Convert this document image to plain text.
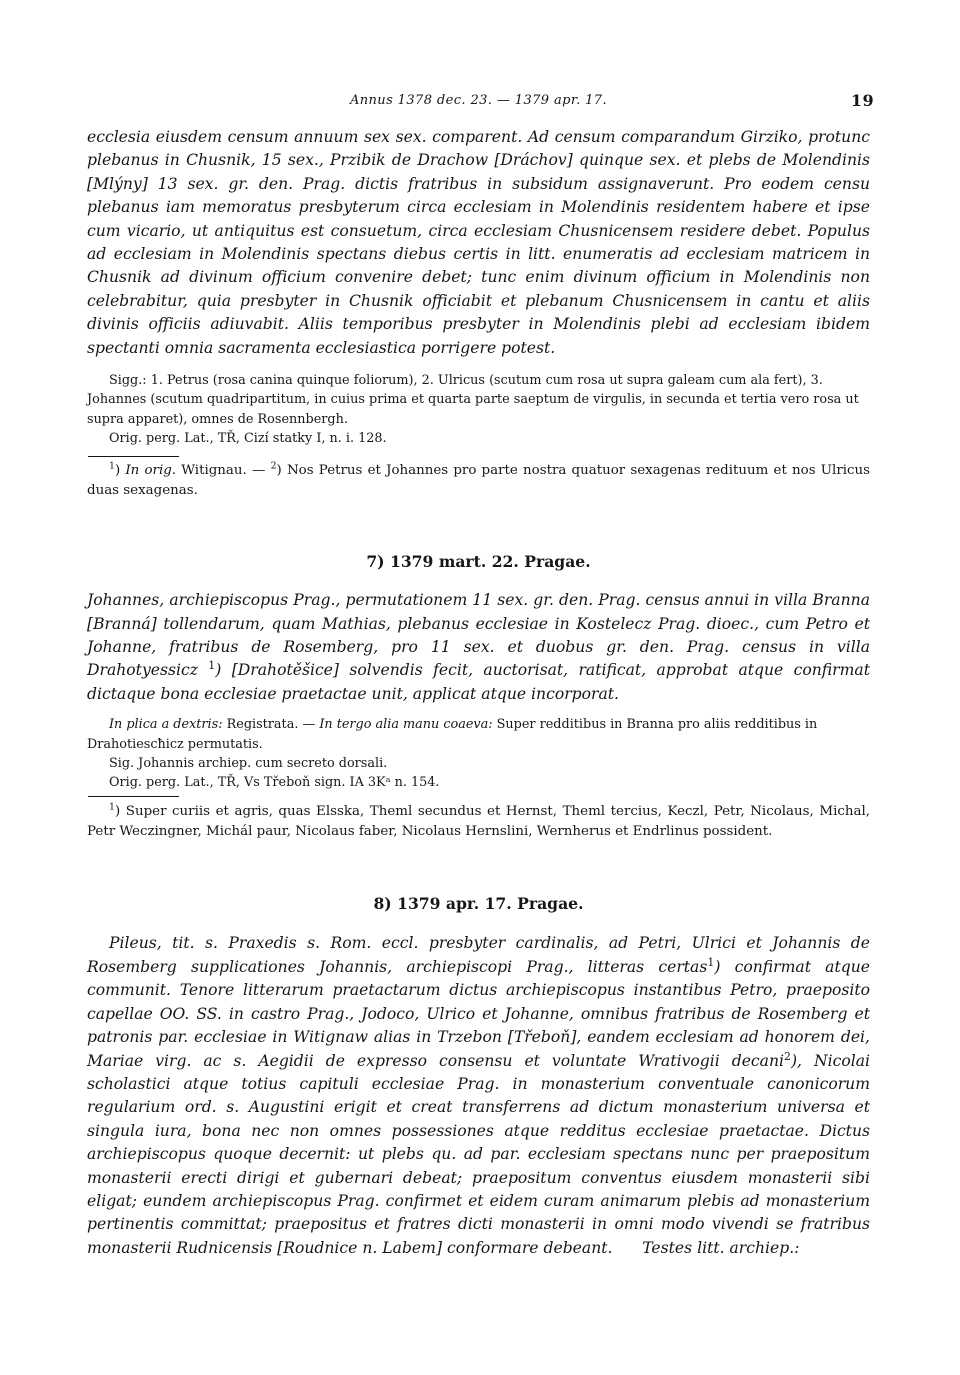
Annus 1378 dec. 23. — 1379 apr. 17.	19

ecclesia eiusdem censum annuum sex sex. comparent. Ad censum comparandum Girziko, protunc plebanus in Chusnik, 15 sex., Przibik de Drachow [Dráchov] quinque sex. et plebs de Molendinis [Mlýny] 13 sex. gr. den. Prag. dictis fratribus in subsidum assignaverunt. Pro eodem censu plebanus iam memoratus presbyterum circa ecclesiam in Molendinis residentem habere et ipse cum vicario, ut antiquitus est consuetum, circa ecclesiam Chusnicensem residere debet. Populus ad ecclesiam in Molendinis spectans diebus certis in litt. enumeratis ad ecclesiam matricem in Chusnik ad divinum officium convenire debet; tunc enim divinum officium in Molendinis non celebrabitur, quia presbyter in Chusnik officiabit et plebanum Chusnicensem in cantu et aliis divinis officiis adiuvabit. Aliis temporibus presbyter in Molendinis plebi ad ecclesiam ibidem spectanti omnia sacramenta ecclesiastica porrigere potest.

Sigg.: 1. Petrus (rosa canina quinque foliorum), 2. Ulricus (scutum cum rosa ut supra galeam cum ala fert), 3. Johannes (scutum quadripartitum, in cuius prima et quarta parte saeptum de virgulis, in secunda et tertia vero rosa ut supra apparet), omnes de Rosennbergh.

Orig. perg. Lat., TŘ, Cizí statky I, n. i. 128.

$^1$) In orig. Witignau. — $^2$) Nos Petrus et Johannes pro parte nostra quatuor sexagenas redituum et nos Ulricus duas sexagenas.

7) 1379 mart. 22. Pragae.

Johannes, archiepiscopus Prag., permutationem 11 sex. gr. den. Prag. census annui in villa Branna [Branná] tollendarum, quam Mathias, plebanus ecclesiae in Kostelecz Prag. dioec., cum Petro et Johanne, fratribus de Rosemberg, pro 11 sex. et duobus gr. den. Prag. census in villa Drahotyessicz $^1$) [Drahotěšice] solvendis fecit, auctorisat, ratificat, approbat atque confirmat dictaque bona ecclesiae praetactae unit, applicat atque incorporat.

In plica a dextris: Registrata. — In tergo alia manu coaeva: Super redditibus in Branna pro aliis redditibus in Drahotiescħicz permutatis.

Sig. Johannis archiep. cum secreto dorsali.

Orig. perg. Lat., TŘ, Vs Třeboň sign. IA 3Kᵃ n. 154.

$^1$) Super curiis et agris, quas Elsska, Theml secundus et Hernst, Theml tercius, Keczl, Petr, Nicolaus, Michal, Petr Weczingner, Michál paur, Nicolaus faber, Nicolaus Hernslini, Wernherus et Endrlinus possident.

8) 1379 apr. 17. Pragae.

Pileus, tit. s. Praxedis s. Rom. eccl. presbyter cardinalis, ad Petri, Ulrici et Johannis de Rosemberg supplicationes Johannis, archiepiscopi Prag., litteras certas$^1$) confirmat atque communit. Tenore litterarum praetactarum dictus archiepiscopus instantibus Petro, praeposito capellae OO. SS. in castro Prag., Jodoco, Ulrico et Johanne, omnibus fratribus de Rosemberg et patronis par. ecclesiae in Witignaw alias in Trzebon [Třeboň], eandem ecclesiam ad honorem dei, Mariae virg. ac s. Aegidii de expresso consensu et voluntate Wrativogii decani$^2$), Nicolai scholastici atque totius capituli ecclesiae Prag. in monasterium conventuale canonicorum regularium ord. s. Augustini erigit et creat transferrens ad dictum monasterium universa et singula iura, bona nec non omnes possessiones atque redditus ecclesiae praetactae. Dictus archiepiscopus quoque decernit: ut plebs qu. ad par. ecclesiam spectans nunc per praepositum monasterii erecti dirigi et gubernari debeat; praepositum conventus eiusdem monasterii sibi eligat; eundem archiepiscopus Prag. confirmet et eidem curam animarum plebis ad monasterium pertinentis committat; praepositus et fratres dicti monasterii in omni modo vivendi se fratribus monasterii Rudnicensis [Roudnice n. Labem] conformare debeant. Testes litt. archiep.:
